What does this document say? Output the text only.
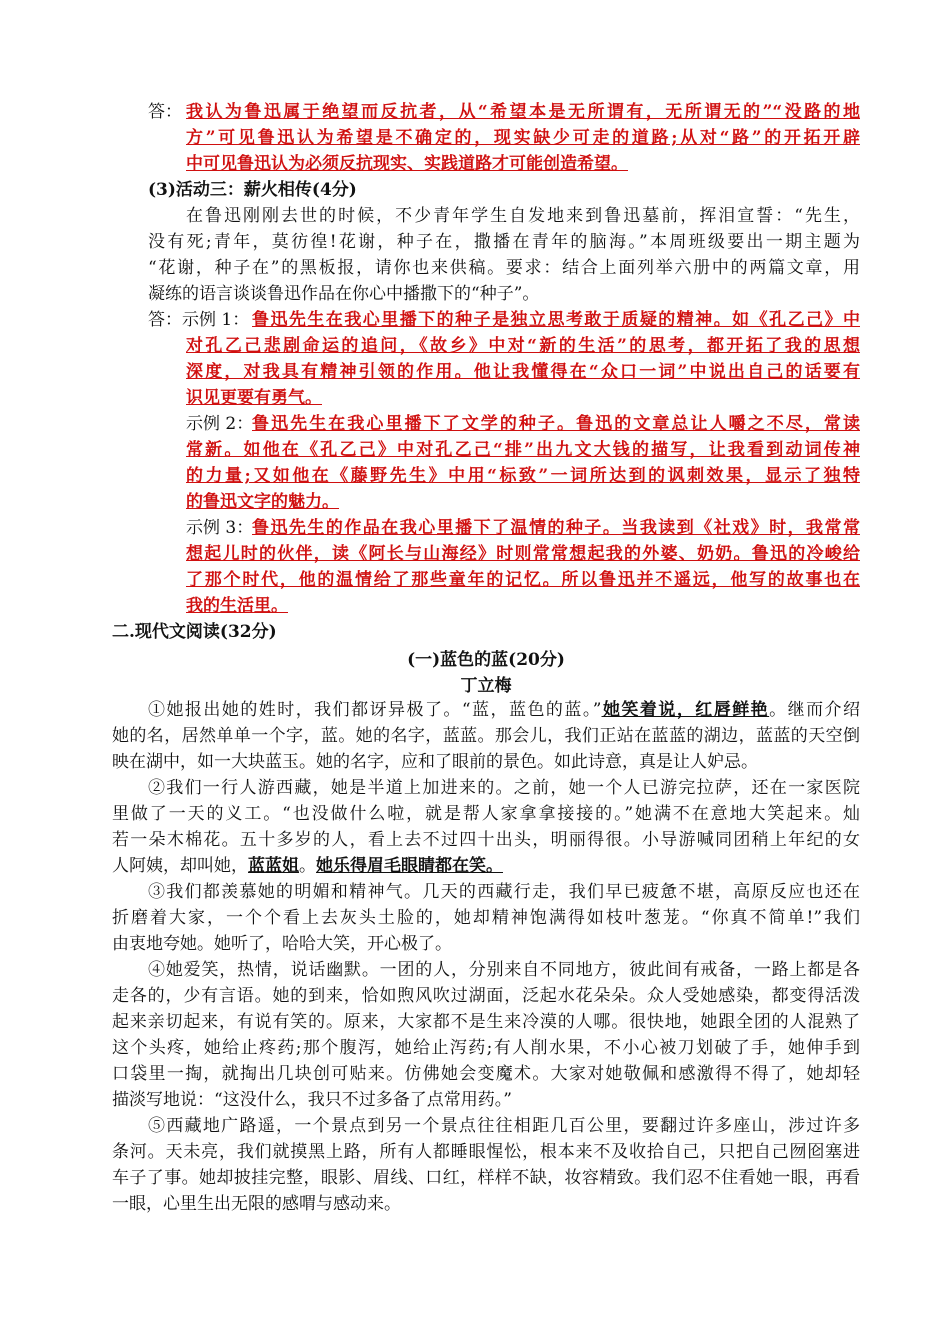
答： 我认为鲁迅属于绝望而反抗者，从“希望本是无所谓有，无所谓无的”“没路的地
方”可见鲁迅认为希望是不确定的，现实缺少可走的道路;从对“路”的开拓开辟
中可见鲁迅认为必须反抗现实、实践道路才可能创造希望。
(3)活动三：薪火相传(4分)
在鲁迅刚刚去世的时候，不少青年学生自发地来到鲁迅墓前，挥泪宣誓：“先生，
没有死;青年，莫彷徨!花谢，种子在，撒播在青年的脑海。”本周班级要出一期主题为
“花谢，种子在”的黑板报，请你也来供稿。要求：结合上面列举六册中的两篇文章，用
凝练的语言谈谈鲁迅作品在你心中播撒下的“种子”。
答：示例 1： 鲁迅先生在我心里播下的种子是独立思考敢于质疑的精神。如《孔乙己》中
对孔乙己悲剧命运的追问，《故乡》中对“新的生活”的思考，都开拓了我的思想
深度，对我具有精神引领的作用。他让我懂得在“众口一词”中说出自己的话要有
识见更要有勇气。
示例 2：
鲁迅先生在我心里播下了文学的种子。鲁迅的文章总让人嚼之不尽，常读
常新。如他在《孔乙己》中对孔乙己“排”出九文大钱的描写，让我看到动词传神
的力量;又如他在《藤野先生》中用“标致”一词所达到的讽刺效果，显示了独特
的鲁迅文字的魅力。
示例 3：
鲁迅先生的作品在我心里播下了温情的种子。当我读到《社戏》时，我常常
想起儿时的伙伴，读《阿长与山海经》时则常常想起我的外婆、奶奶。鲁迅的冷峻给
了那个时代，他的温情给了那些童年的记忆。所以鲁迅并不遥远，他写的故事也在
我的生活里。
二.现代文阅读(32分)
(一)蓝色的蓝(20分)
丁立梅
①她报出她的姓时，我们都讶异极了。“蓝，蓝色的蓝。”她笑着说，红唇鲜艳。继而介绍
她的名，居然单单一个字，蓝。她的名字，蓝蓝。那会儿，我们正站在蓝蓝的湖边，蓝蓝的天空倒
映在湖中，如一大块蓝玉。她的名字，应和了眼前的景色。如此诗意，真是让人妒忌。
②我们一行人游西藏，她是半道上加进来的。之前，她一个人已游完拉萨，还在一家医院
里做了一天的义工。“也没做什么啦，就是帮人家拿拿接接的。”她满不在意地大笑起来。灿
若一朵木棉花。五十多岁的人，看上去不过四十出头，明丽得很。小导游喊同团稍上年纪的女
人阿姨，却叫她，蓝蓝姐。她乐得眉毛眼睛都在笑。
③我们都羡慕她的明媚和精神气。几天的西藏行走，我们早已疲惫不堪，高原反应也还在
折磨着大家，一个个看上去灰头土脸的，她却精神饱满得如枝叶葱茏。“你真不简单!”我们
由衷地夸她。她听了，哈哈大笑，开心极了。
④她爱笑，热情，说话幽默。一团的人，分别来自不同地方，彼此间有戒备，一路上都是各
走各的，少有言语。她的到来，恰如煦风吹过湖面，泛起水花朵朵。众人受她感染，都变得活泼
起来亲切起来，有说有笑的。原来，大家都不是生来冷漠的人哪。很快地，她跟全团的人混熟了
这个头疼，她给止疼药;那个腹泻，她给止泻药;有人削水果，不小心被刀划破了手，她伸手到
口袋里一掏，就掏出几块创可贴来。仿佛她会变魔术。大家对她敬佩和感激得不得了，她却轻
描淡写地说：“这没什么，我只不过多备了点常用药。”
⑤西藏地广路遥，一个景点到另一个景点往往相距几百公里，要翻过许多座山，涉过许多
条河。天未亮，我们就摸黑上路，所有人都睡眼惺忪，根本来不及收拾自己，只把自己囫囵塞进
车子了事。她却披挂完整，眼影、眉线、口红，样样不缺，妆容精致。我们忍不住看她一眼，再看
一眼，心里生出无限的感喟与感动来。
